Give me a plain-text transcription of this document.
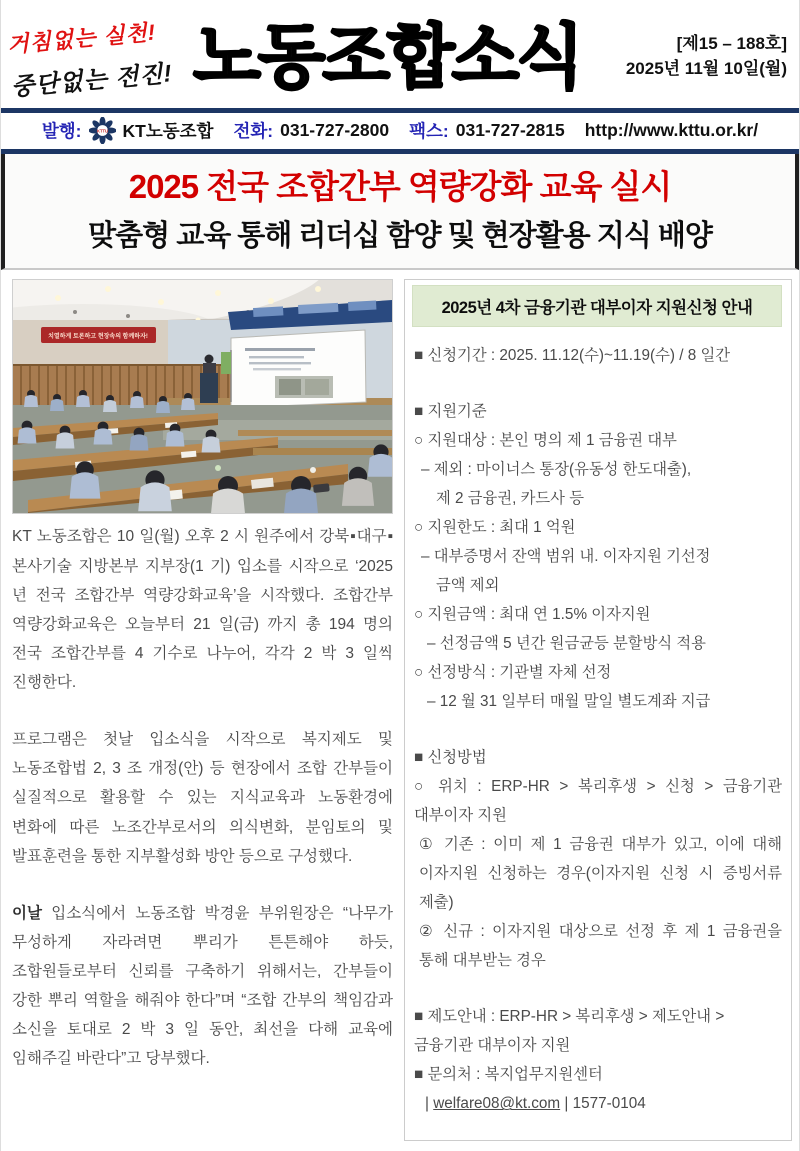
거침없는 실천!
중단없는 전진! 노동조합소식	[제15 – 188호]
2025년 11월 10일(월)
발행:	KTTU KT노동조합 전화: 031-727-2800 팩스: 031-727-2815 http://www.kttu.or.kr/
2025 전국 조합간부 역량강화 교육 실시
맞춤형 교육 통해 리더십 함양 및 현장활용 지식 배양
치열하게 토론하고 현장속의 함께하자!

KT 노동조합은 10 일(월) 오후 2 시 원주에서 강북▪대구▪본사기술 지방본부 지부장(1 기) 입소를 시작으로 ‘2025 년 전국 조합간부 역량강화교육’을 시작했다. 조합간부 역량강화교육은 오늘부터 21 일(금) 까지 총 194 명의 전국 조합간부를 4 기수로 나누어, 각각 2 박 3 일씩 진행한다.

프로그램은 첫날 입소식을 시작으로 복지제도 및 노동조합법 2, 3 조 개정(안) 등 현장에서 조합 간부들이 실질적으로 활용할 수 있는 지식교육과 노동환경에 변화에 따른 노조간부로서의 의식변화, 분임토의 및 발표훈련을 통한 지부활성화 방안 등으로 구성했다.

이날 입소식에서 노동조합 박경윤 부위원장은 “나무가 무성하게 자라려면 뿌리가 튼튼해야 하듯, 조합원들로부터 신뢰를 구축하기 위해서는, 간부들이 강한 뿌리 역할을 해줘야 한다”며 “조합 간부의 책임감과 소신을 토대로 2 박 3 일 동안, 최선을 다해 교육에 임해주길 바란다”고 당부했다.

2025년 4차 금융기관 대부이자 지원신청 안내
■ 신청기간 : 2025. 11.12(수)~11.19(수) / 8 일간
■ 지원기준
○ 지원대상 : 본인 명의 제 1 금융권 대부
– 제외 : 마이너스 통장(유동성 한도대출),
제 2 금융권, 카드사 등
○ 지원한도 : 최대 1 억원
– 대부증명서 잔액 범위 내. 이자지원 기선정
금액 제외
○ 지원금액 : 최대 연 1.5% 이자지원
– 선정금액 5 년간 원금균등 분할방식 적용
○ 선정방식 : 기관별 자체 선정
– 12 월 31 일부터 매월 말일 별도계좌 지급
■ 신청방법
○ 위치 : ERP-HR > 복리후생 > 신청 > 금융기관 대부이자 지원
① 기존 : 이미 제 1 금융권 대부가 있고, 이에 대해 이자지원 신청하는 경우(이자지원 신청 시 증빙서류 제출)
② 신규 : 이자지원 대상으로 선정 후 제 1 금융권을 통해 대부받는 경우
■ 제도안내 : ERP-HR > 복리후생 > 제도안내 > 금융기관 대부이자 지원
■ 문의처 : 복지업무지원센터
| welfare08@kt.com | 1577-0104
